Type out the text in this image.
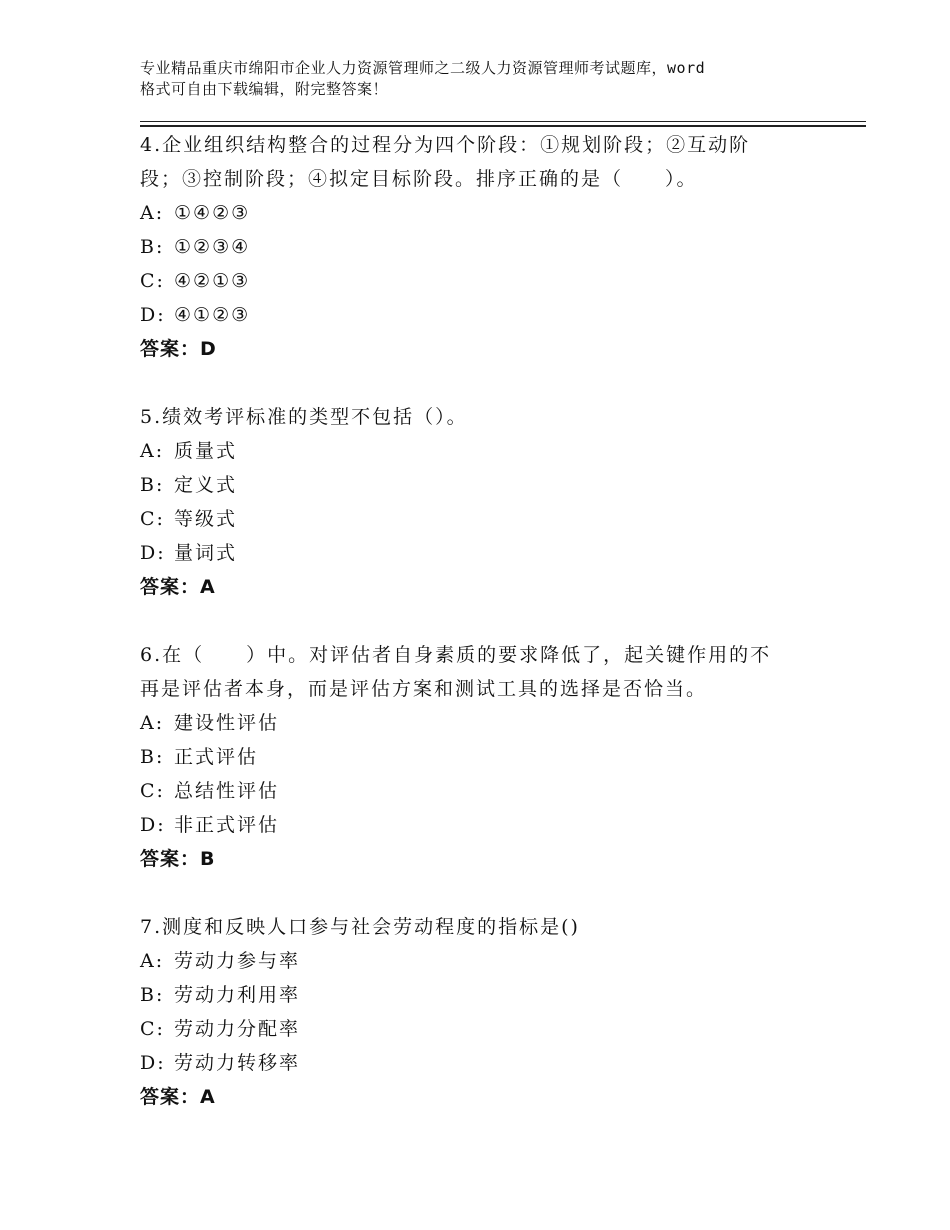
专业精品重庆市绵阳市企业人力资源管理师之二级人力资源管理师考试题库，word
格式可自由下载编辑，附完整答案！

4.企业组织结构整合的过程分为四个阶段：①规划阶段；②互动阶

段；③控制阶段；④拟定目标阶段。排序正确的是（　　）。

A: ①④②③

B: ①②③④

C: ④②①③

D: ④①②③

答案：D

5.绩效考评标准的类型不包括（）。

A: 质量式

B: 定义式

C: 等级式

D: 量词式

答案：A

6.在（　　）中。对评估者自身素质的要求降低了，起关键作用的不

再是评估者本身，而是评估方案和测试工具的选择是否恰当。

A: 建设性评估

B: 正式评估

C: 总结性评估

D: 非正式评估

答案：B

7.测度和反映人口参与社会劳动程度的指标是()

A: 劳动力参与率

B: 劳动力利用率

C: 劳动力分配率

D: 劳动力转移率

答案：A
